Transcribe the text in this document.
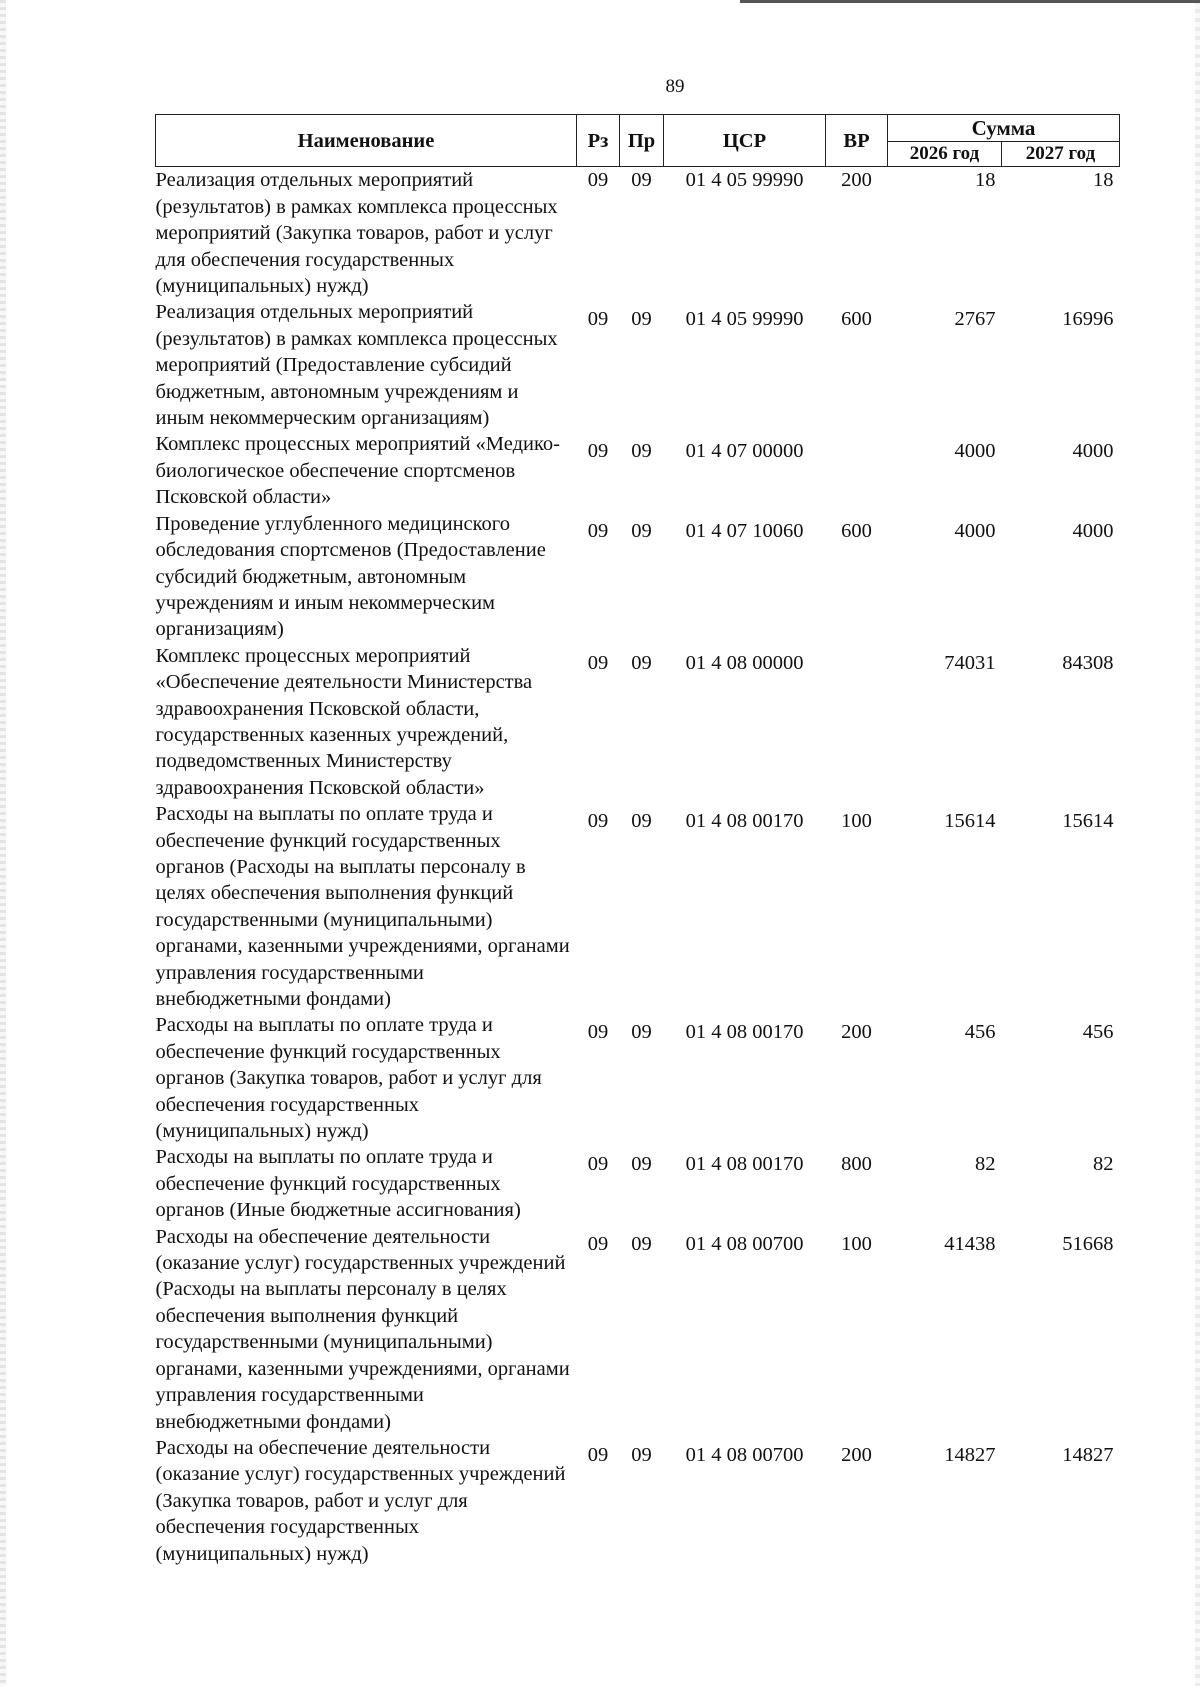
89
Наименование	Рз	Пр	ЦСР	ВР	Сумма	
					2026 год	2027 год
Реализация отдельных мероприятий (результатов) в рамках комплекса процессных мероприятий (Закупка товаров, работ и услуг для обеспечения государственных (муниципальных) нужд)	09	09	01 4 05 99990	200	18	18
Реализация отдельных мероприятий (результатов) в рамках комплекса процессных мероприятий (Предоставление субсидий бюджетным, автономным учреждениям и иным некоммерческим организациям)	09	09	01 4 05 99990	600	2767	16996
Комплекс процессных мероприятий «Медико-биологическое обеспечение спортсменов Псковской области»	09	09	01 4 07 00000		4000	4000
Проведение углубленного медицинского обследования спортсменов (Предоставление субсидий бюджетным, автономным учреждениям и иным некоммерческим организациям)	09	09	01 4 07 10060	600	4000	4000
Комплекс процессных мероприятий «Обеспечение деятельности Министерства здравоохранения Псковской области, государственных казенных учреждений, подведомственных Министерству здравоохранения Псковской области»	09	09	01 4 08 00000		74031	84308
Расходы на выплаты по оплате труда и обеспечение функций государственных органов (Расходы на выплаты персоналу в целях обеспечения выполнения функций государственными (муниципальными) органами, казенными учреждениями, органами управления государственными внебюджетными фондами)	09	09	01 4 08 00170	100	15614	15614
Расходы на выплаты по оплате труда и обеспечение функций государственных органов (Закупка товаров, работ и услуг для обеспечения государственных (муниципальных) нужд)	09	09	01 4 08 00170	200	456	456
Расходы на выплаты по оплате труда и обеспечение функций государственных органов (Иные бюджетные ассигнования)	09	09	01 4 08 00170	800	82	82
Расходы на обеспечение деятельности (оказание услуг) государственных учреждений (Расходы на выплаты персоналу в целях обеспечения выполнения функций государственными (муниципальными) органами, казенными учреждениями, органами управления государственными внебюджетными фондами)	09	09	01 4 08 00700	100	41438	51668
Расходы на обеспечение деятельности (оказание услуг) государственных учреждений (Закупка товаров, работ и услуг для обеспечения государственных (муниципальных) нужд)	09	09	01 4 08 00700	200	14827	14827
